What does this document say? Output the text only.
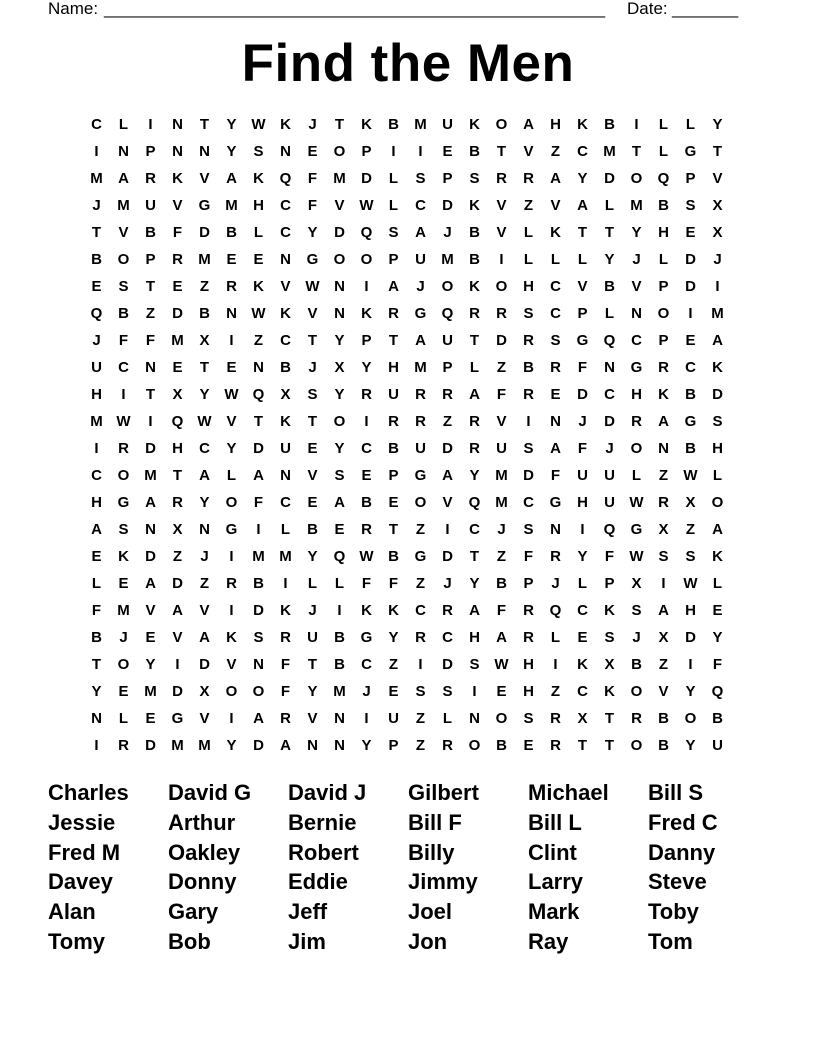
Name: _____________________________________________________ Date: _______
Find the Men
C	L	I	N	T	Y W K	J	T	K	B	M	U	K	O	A	H	K	B	I	L	L	Y
I	N	P	N	N	Y	S	N	E	O	P	I	I	E	B	T	V	Z	C	M	T	L	G	T
M	A	R	K	V	A	K	Q	F	M	D	L	S	P	S	R	R	A	Y	D	O	Q	P	V
J	M	U	V	G M	H	C	F	V W	L	C	D	K	V	Z	V	A	L	M	B	S	X
T	V	B	F	D	B	L	C	Y	D	Q	S	A	J	B	V	L	K	T	T	Y	H	E	X
B	O	P	R	M	E	E	N	G	O	O	P	U	M	B	I	L	L	L	Y	J	L	D	J
E	S	T	E	Z	R	K	V W N	I	A	J	O	K	O	H	C	V	B	V	P	D	I
Q	B	Z	D	B	N W K	V	N	K	R	G	Q	R	R	S	C	P	L	N	O	I	M
J	F	F	M	X	I	Z	C	T	Y	P	T	A	U	T	D	R	S	G	Q	C	P	E	A
U	C	N	E	T	E	N	B	J	X	Y	H	M	P	L	Z	B	R	F	N	G	R	C	K
H	I	T	X	Y W Q	X	S	Y	R	U	R	R	A	F	R	E	D	C	H	K	B	D
M W	I	Q W V	T	K	T	O	I	R	R	Z	R	V	I	N	J	D	R	A	G	S
I	R	D	H	C	Y	D	U	E	Y	C	B	U	D	R	U	S	A	F	J	O	N	B	H
C	O M	T	A	L	A	N	V	S	E	P	G	A	Y	M	D	F	U	U	L	Z	W	L
H	G	A	R	Y	O	F	C	E	A	B	E	O	V	Q M	C	G	H	U W R	X	O
A	S	N	X	N	G	I	L	B	E	R	T	Z	I	C	J	S	N	I	Q	G	X	Z	A
E	K	D	Z	J	I	M M	Y	Q W B	G	D	T	Z	F	R	Y	F	W S	S	K
L	E	A	D	Z	R	B	I	L	L	F	F	Z	J	Y	B	P	J	L	P	X	I	W	L
F	M	V	A	V	I	D	K	J	I	K	K	C	R	A	F	R	Q	C	K	S	A	H	E
B	J	E	V	A	K	S	R	U	B	G	Y	R	C	H	A	R	L	E	S	J	X	D	Y
T	O	Y	I	D	V	N	F	T	B	C	Z	I	D	S W H	I	K	X	B	Z	I	F
Y	E	M	D	X	O	O	F	Y	M	J	E	S	S	I	E	H	Z	C	K	O	V	Y	Q
N	L	E	G	V	I	A	R	V	N	I	U	Z	L	N	O	S	R	X	T	R	B	O	B
I	R	D	M M	Y	D	A	N	N	Y	P	Z	R	O	B	E	R	T	T	O	B	Y	U
Charles	David G	David J	Gilbert	Michael	Bill S
Jessie	Arthur	Bernie	Bill F	Bill L	Fred C
Fred M	Oakley	Robert	Billy	Clint	Danny
Davey	Donny	Eddie	Jimmy	Larry	Steve
Alan	Gary	Jeff	Joel	Mark	Toby
Tomy	Bob	Jim	Jon	Ray	Tom
